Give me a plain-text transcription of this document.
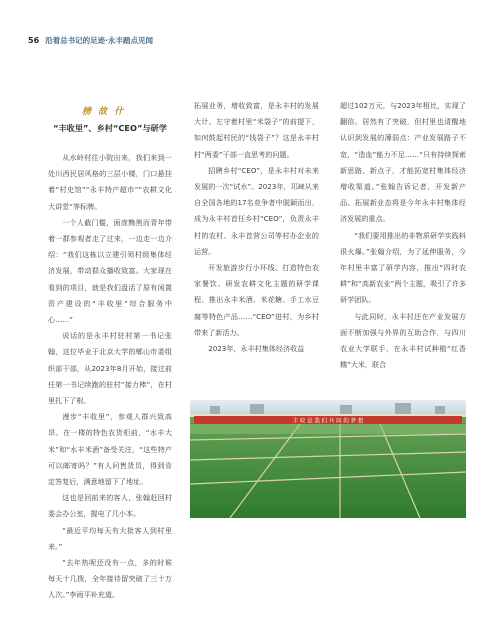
56 沿着总书记的足迹·永丰踏点见闻
榜 故 什
“丰收里”、乡村“CEO”与研学

从水岭村往小院出来，我们来到一处川西民居风格的三层小楼，门口悬挂着“村史馆”“永丰特产超市”“农耕文化大讲堂”等标牌。

一个人截门槛，面庞黝黑而青年带着一群参观者走了过来，一边走一边介绍：“我们这栋以立建引领村级集体经济发展，带动群众播收致富。大家现在看到的项目，就是我们盘活了原有闲置资产建设的“丰收里”综合服务中心……”

说话的是永丰村驻村第一书记张翰，这位毕业于北京大学的郫山市委组织部干部，从2023年8月开始，接过前任第一书记续跑的驻村“接力棒”，在村里扎下了根。

漫步“丰收里”，参观人群兴致高昂。在一楼的特色农货柜前，“水丰大米”和“水丰米酒”备受关注，“这些特产可以邮寄吗？”有人问售货员，得到肯定答复后，满意地留下了地址。

这也是回前来的客人，张翰赶回村委会办公室，握电了几小本。

“最近平均每天有大批客人到村里来。”

“去年热呢还没有一点，多的时候每天十几拨，全年接待留突破了三十万人次。”李雨平补充道。

拓展业务，增收致富，是永丰村的发展大计。左守着村里“米袋子”的前提下，如何鼓起村民的“钱袋子”？这是永丰村村“两委”干部一直思考的问题。

招聘乡村“CEO”，是永丰村对未来发展的一次“试水”。2023年，邛崃从来自全国各地的17名竞争者中脱颖而出，成为永丰村首任乡村“CEO”，负责永丰村的农村、永丰首营公司等村办企业的运营。

开发旅游步行小环线、打造特色农家餐饮、研发农耕文化主题的研学课程、推出永丰米酒、米花糖、手工水豆腐等特色产品……“CEO”进村，为乡村带来了新活力。

2023年，永丰村集体经济收益

超过102万元，与2023年相比，实现了翻倍。居然有了突破，但村里也清醒地认识到发展的薄弱点：产业发展路子不宽，“造血”能力不足……“只有持续探索新思路、新点子，才能拓宽村集体经济增收渠道。”张翰告诉记者，开发新产品、拓展新业态将是今年永丰村集体经济发展的重点。

“我们要用推出的非物质研学实践料很火爆。”张翰介绍，为了延伸服务，今年村里丰富了研学内容，推出“四时农耕”和“高新农业”两个主题，吸引了许多研学团队。

与此同时，永丰村还在产业发展方面不断加强与外界的互助合作，与四川农业大学联手，在永丰村试种植“红香糯”大米，联合

丰 收 是 我 们 共 同 的 梦 想
